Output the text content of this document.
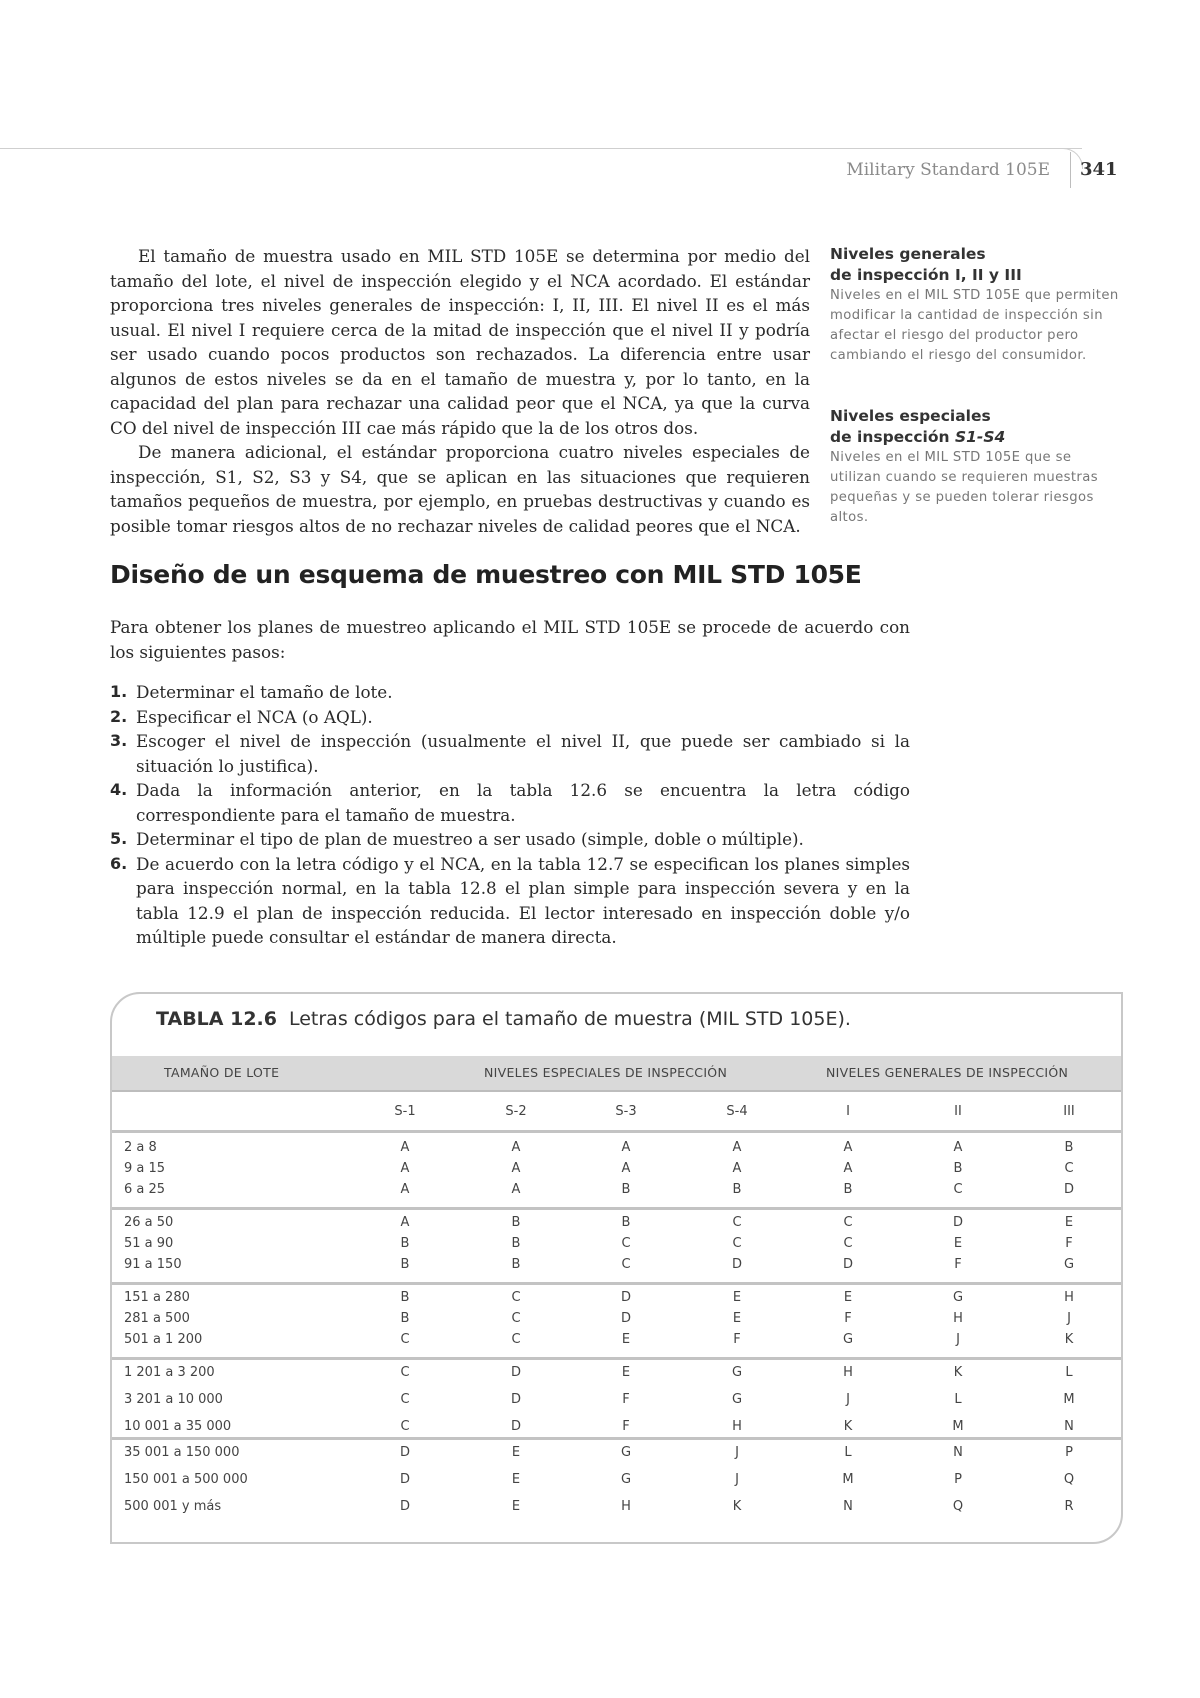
Military Standard 105E 341

El tamaño de muestra usado en MIL STD 105E se determina por medio del tamaño del lote, el nivel de inspección elegido y el NCA acordado. El estándar proporciona tres niveles generales de inspección: I, II, III. El nivel II es el más usual. El nivel I requiere cerca de la mitad de inspección que el nivel II y podría ser usado cuando pocos productos son rechazados. La diferencia entre usar algunos de estos niveles se da en el tamaño de muestra y, por lo tanto, en la capacidad del plan para rechazar una calidad peor que el NCA, ya que la curva CO del nivel de inspección III cae más rápido que la de los otros dos.

De manera adicional, el estándar proporciona cuatro niveles especiales de inspección, S1, S2, S3 y S4, que se aplican en las situaciones que requieren tamaños pequeños de muestra, por ejemplo, en pruebas destructivas y cuando es posible tomar riesgos altos de no rechazar niveles de calidad peores que el NCA.

Niveles generales
de inspección I, II y III
Niveles en el MIL STD 105E que permiten modificar la cantidad de inspección sin afectar el riesgo del productor pero cambiando el riesgo del consumidor.
Niveles especiales
de inspección S1-S4
Niveles en el MIL STD 105E que se utilizan cuando se requieren muestras pequeñas y se pueden tolerar riesgos altos.
Diseño de un esquema de muestreo con MIL STD 105E

Para obtener los planes de muestreo aplicando el MIL STD 105E se procede de acuerdo con los siguientes pasos:

1. Determinar el tamaño de lote.
2. Especificar el NCA (o AQL).
3. Escoger el nivel de inspección (usualmente el nivel II, que puede ser cambiado si la situación lo justifica).
4. Dada la información anterior, en la tabla 12.6 se encuentra la letra código correspondiente para el tamaño de muestra.
5. Determinar el tipo de plan de muestreo a ser usado (simple, doble o múltiple).
6. De acuerdo con la letra código y el NCA, en la tabla 12.7 se especifican los planes simples para inspección normal, en la tabla 12.8 el plan simple para inspección severa y en la tabla 12.9 el plan de inspección reducida. El lector interesado en inspección doble y/o múltiple puede consultar el estándar de manera directa.
TABLA 12.6 Letras códigos para el tamaño de muestra (MIL STD 105E).
TAMAÑO DE LOTE	NIVELES ESPECIALES DE INSPECCIÓN	NIVELES GENERALES DE INSPECCIÓN
S-1	S-2	S-3	S-4	I	II	III
2 a 8	A	A	A	A	A	A	B
9 a 15	A	A	A	A	A	B	C
6 a 25	A	A	B	B	B	C	D
26 a 50	A	B	B	C	C	D	E
51 a 90	B	B	C	C	C	E	F
91 a 150	B	B	C	D	D	F	G
151 a 280	B	C	D	E	E	G	H
281 a 500	B	C	D	E	F	H	J
501 a 1 200	C	C	E	F	G	J	K
1 201 a 3 200	C	D	E	G	H	K	L
3 201 a 10 000	C	D	F	G	J	L	M
10 001 a 35 000	C	D	F	H	K	M	N
35 001 a 150 000	D	E	G	J	L	N	P
150 001 a 500 000	D	E	G	J	M	P	Q
500 001 y más	D	E	H	K	N	Q	R
